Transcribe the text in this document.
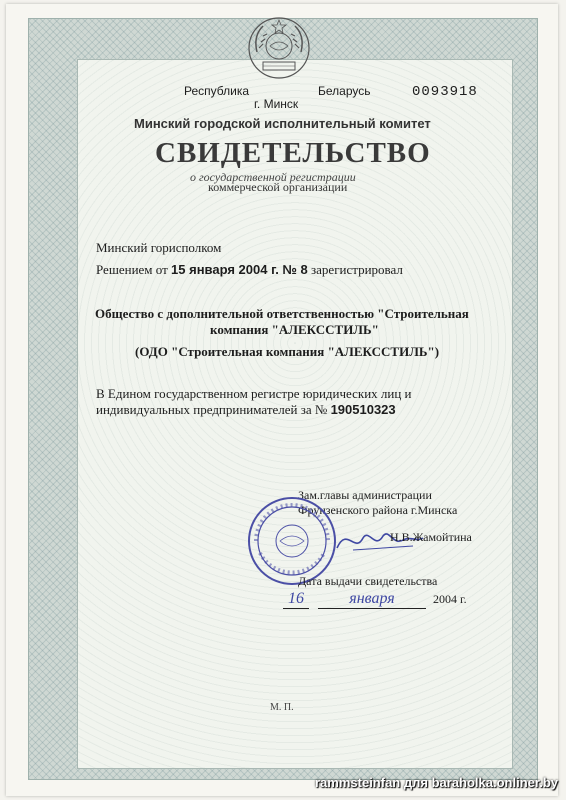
Республика	Беларусь	0093918
г. Минск
Минский городской исполнительный комитет
СВИДЕТЕЛЬСТВО
о государственной регистрации
коммерческой организации
Минский горисполком
Решением от 15 января 2004 г. № 8 зарегистрировал
Общество с дополнительной ответственностью "Строительная
компания "АЛЕКССТИЛЬ"
(ОДО "Строительная компания "АЛЕКССТИЛЬ")
В Едином государственном регистре юридических лиц и
индивидуальных предпринимателей за № 190510323
Зам.главы администрации
Фрунзенского района г.Минска
Н.В.Жамойтина
Дата выдачи свидетельства
16	января	2004 г.
М. П.
rammsteinfan для baraholka.onliner.by
